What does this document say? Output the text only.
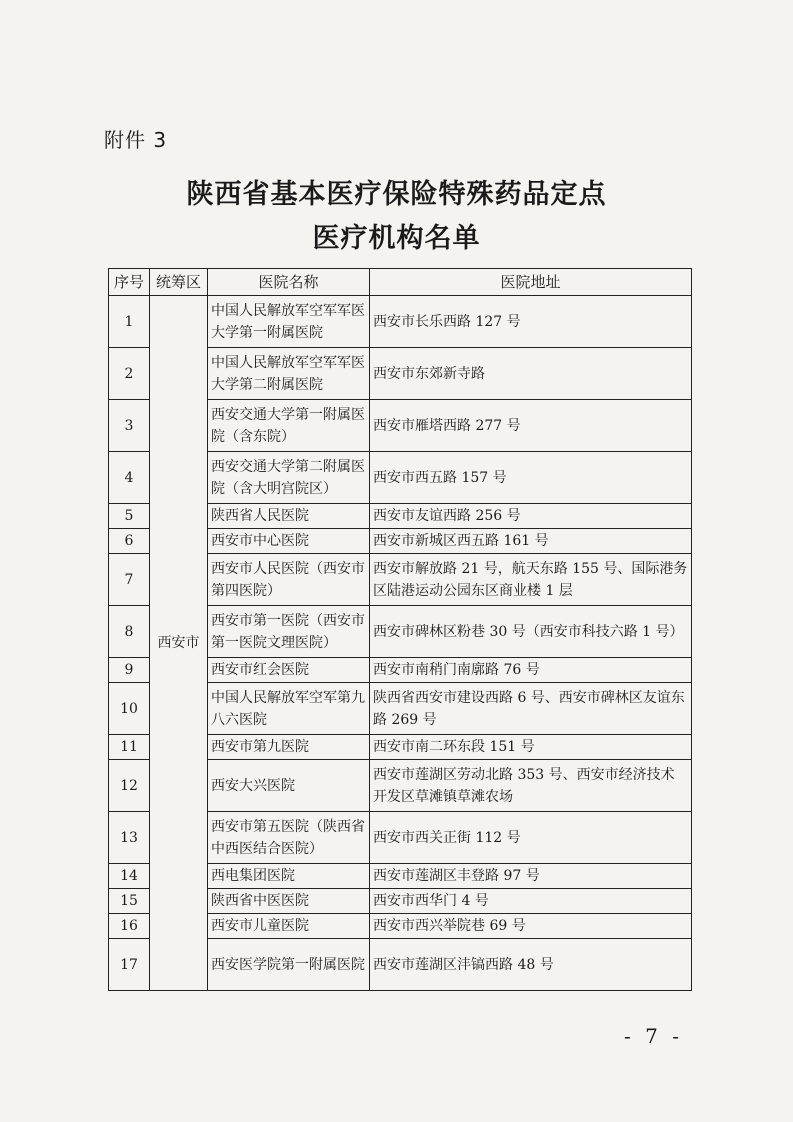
附件 3
陕西省基本医疗保险特殊药品定点
医疗机构名单
序号	统筹区	医院名称	医院地址
1	西安市	中国人民解放军空军军医大学第一附属医院	西安市长乐西路 127 号
2		中国人民解放军空军军医大学第二附属医院	西安市东郊新寺路
3		西安交通大学第一附属医院（含东院）	西安市雁塔西路 277 号
4		西安交通大学第二附属医院（含大明宫院区）	西安市西五路 157 号
5		陕西省人民医院	西安市友谊西路 256 号
6		西安市中心医院	西安市新城区西五路 161 号
7		西安市人民医院（西安市第四医院）	西安市解放路 21 号，航天东路 155 号、国际港务区陆港运动公园东区商业楼 1 层
8		西安市第一医院（西安市第一医院文理医院）	西安市碑林区粉巷 30 号（西安市科技六路 1 号）
9		西安市红会医院	西安市南稍门南廓路 76 号
10		中国人民解放军空军第九八六医院	陕西省西安市建设西路 6 号、西安市碑林区友谊东路 269 号
11		西安市第九医院	西安市南二环东段 151 号
12		西安大兴医院	西安市莲湖区劳动北路 353 号、西安市经济技术开发区草滩镇草滩农场
13		西安市第五医院（陕西省中西医结合医院）	西安市西关正街 112 号
14		西电集团医院	西安市莲湖区丰登路 97 号
15		陕西省中医医院	西安市西华门 4 号
16		西安市儿童医院	西安市西兴举院巷 69 号
17		西安医学院第一附属医院	西安市莲湖区沣镐西路 48 号
- 7 -
